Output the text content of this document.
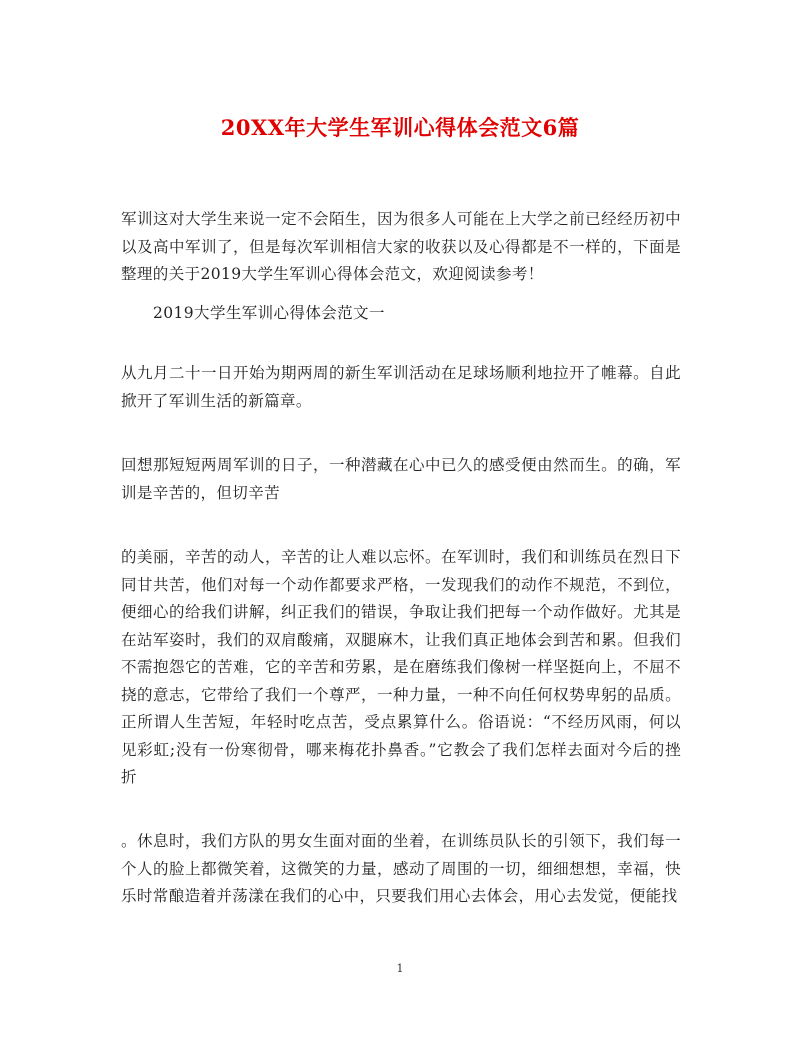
20XX年大学生军训心得体会范文6篇

军训这对大学生来说一定不会陌生，因为很多人可能在上大学之前已经经历初中以及高中军训了，但是每次军训相信大家的收获以及心得都是不一样的，下面是整理的关于2019大学生军训心得体会范文，欢迎阅读参考！

2019大学生军训心得体会范文一

从九月二十一日开始为期两周的新生军训活动在足球场顺利地拉开了帷幕。自此掀开了军训生活的新篇章。

回想那短短两周军训的日子，一种潜藏在心中已久的感受便由然而生。的确，军训是辛苦的，但切辛苦

的美丽，辛苦的动人，辛苦的让人难以忘怀。在军训时，我们和训练员在烈日下同甘共苦，他们对每一个动作都要求严格，一发现我们的动作不规范，不到位，便细心的给我们讲解，纠正我们的错误，争取让我们把每一个动作做好。尤其是在站军姿时，我们的双肩酸痛，双腿麻木，让我们真正地体会到苦和累。但我们不需抱怨它的苦难，它的辛苦和劳累，是在磨练我们像树一样坚挺向上，不屈不挠的意志，它带给了我们一个尊严，一种力量，一种不向任何权势卑躬的品质。正所谓人生苦短，年轻时吃点苦，受点累算什么。俗语说：“不经历风雨，何以见彩虹;没有一份寒彻骨，哪来梅花扑鼻香。”它教会了我们怎样去面对今后的挫折

。休息时，我们方队的男女生面对面的坐着，在训练员队长的引领下，我们每一个人的脸上都微笑着，这微笑的力量，感动了周围的一切，细细想想，幸福，快乐时常酿造着并荡漾在我们的心中，只要我们用心去体会，用心去发觉，便能找

1
